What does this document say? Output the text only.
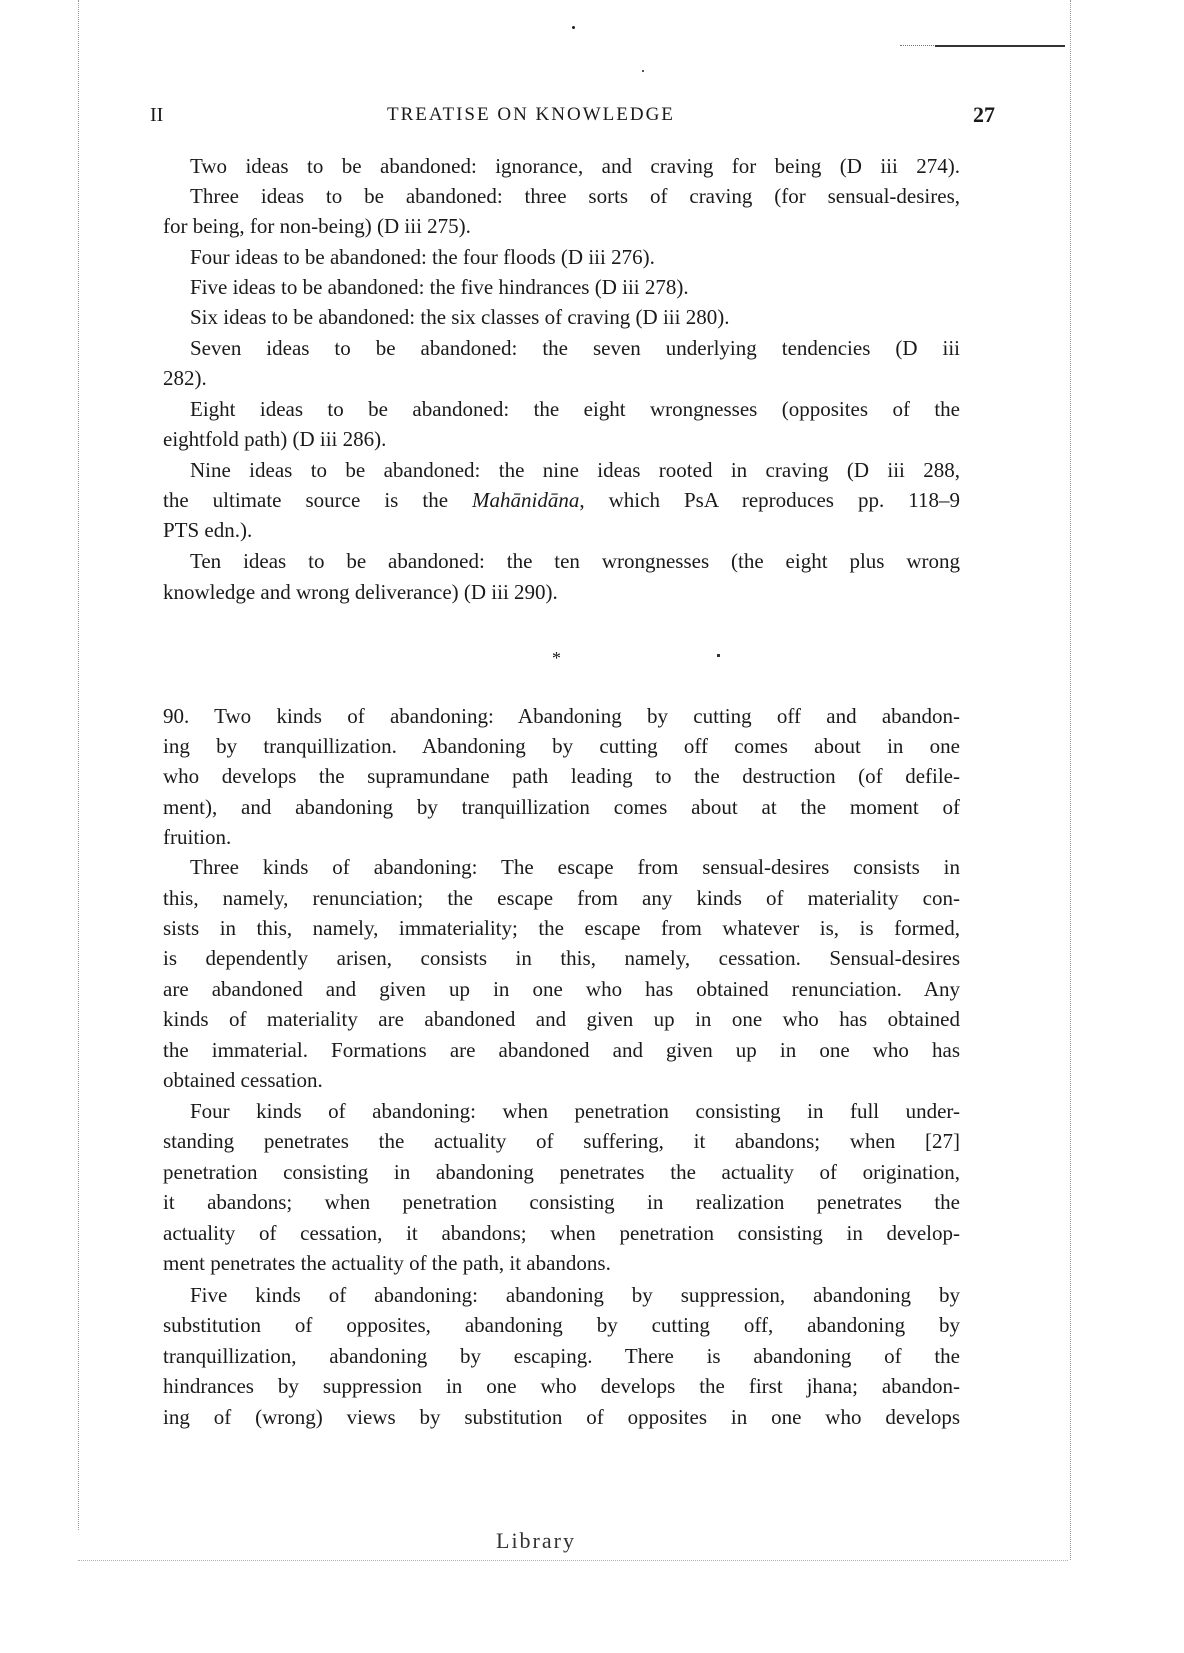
II	TREATISE ON KNOWLEDGE	27
Two ideas to be abandoned: ignorance, and craving for being (D iii 274).
Three ideas to be abandoned: three sorts of craving (for sensual-desires,
for being, for non-being) (D iii 275).
Four ideas to be abandoned: the four floods (D iii 276).
Five ideas to be abandoned: the five hindrances (D iii 278).
Six ideas to be abandoned: the six classes of craving (D iii 280).
Seven ideas to be abandoned: the seven underlying tendencies (D iii
282).
Eight ideas to be abandoned: the eight wrongnesses (opposites of the
eightfold path) (D iii 286).
Nine ideas to be abandoned: the nine ideas rooted in craving (D iii 288,
the ultimate source is the Mahānidāna, which PsA reproduces pp. 118–9
PTS edn.).
Ten ideas to be abandoned: the ten wrongnesses (the eight plus wrong
knowledge and wrong deliverance) (D iii 290).
*
90. Two kinds of abandoning: Abandoning by cutting off and abandon-
ing by tranquillization. Abandoning by cutting off comes about in one
who develops the supramundane path leading to the destruction (of defile-
ment), and abandoning by tranquillization comes about at the moment of
fruition.
Three kinds of abandoning: The escape from sensual-desires consists in
this, namely, renunciation; the escape from any kinds of materiality con-
sists in this, namely, immateriality; the escape from whatever is, is formed,
is dependently arisen, consists in this, namely, cessation. Sensual-desires
are abandoned and given up in one who has obtained renunciation. Any
kinds of materiality are abandoned and given up in one who has obtained
the immaterial. Formations are abandoned and given up in one who has
obtained cessation.
Four kinds of abandoning: when penetration consisting in full under-
standing penetrates the actuality of suffering, it abandons; when [27]
penetration consisting in abandoning penetrates the actuality of origination,
it abandons; when penetration consisting in realization penetrates the
actuality of cessation, it abandons; when penetration consisting in develop-
ment penetrates the actuality of the path, it abandons.
Five kinds of abandoning: abandoning by suppression, abandoning by
substitution of opposites, abandoning by cutting off, abandoning by
tranquillization, abandoning by escaping. There is abandoning of the
hindrances by suppression in one who develops the first jhana; abandon-
ing of (wrong) views by substitution of opposites in one who develops
Library
